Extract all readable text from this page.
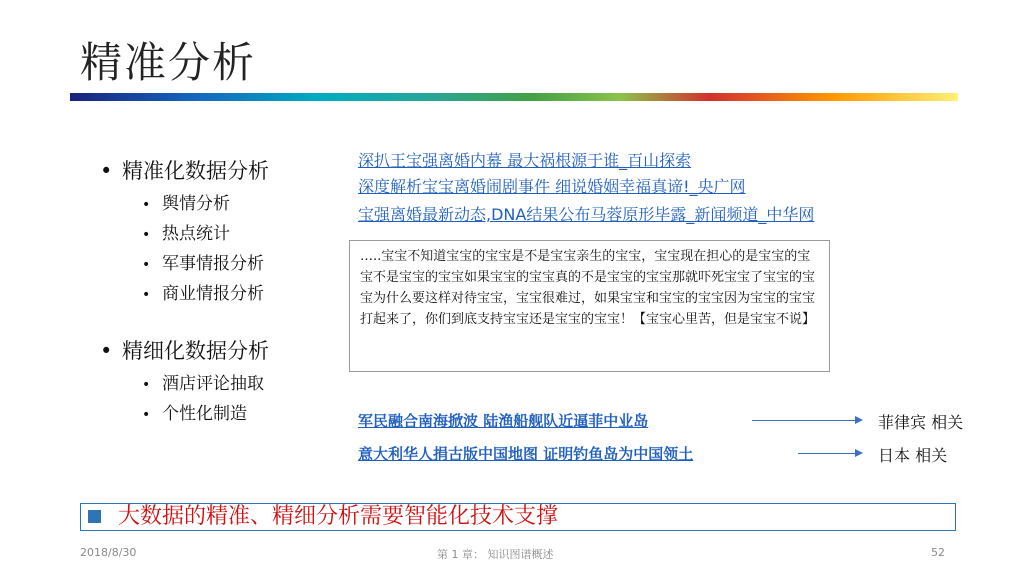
精准分析
• 精准化数据分析
• 舆情分析
• 热点统计
• 军事情报分析
• 商业情报分析
• 精细化数据分析
• 酒店评论抽取
• 个性化制造
深扒王宝强离婚内幕 最大祸根源于谁_百山探索
深度解析宝宝离婚闹剧事件 细说婚姻幸福真谛!_央广网
宝强离婚最新动态,DNA结果公布马蓉原形毕露_新闻频道_中华网
…..宝宝不知道宝宝的宝宝是不是宝宝亲生的宝宝，宝宝现在担心的是宝宝的宝宝不是宝宝的宝宝如果宝宝的宝宝真的不是宝宝的宝宝那就吓死宝宝了宝宝的宝宝为什么要这样对待宝宝，宝宝很难过，如果宝宝和宝宝的宝宝因为宝宝的宝宝打起来了，你们到底支持宝宝还是宝宝的宝宝！【宝宝心里苦，但是宝宝不说】
军民融合南海掀波 陆渔船舰队近逼菲中业岛	菲律宾 相关
意大利华人捐古版中国地图 证明钓鱼岛为中国领土	日本 相关
大数据的精准、精细分析需要智能化技术支撑
2018/8/30	第 1 章： 知识图谱概述	52
